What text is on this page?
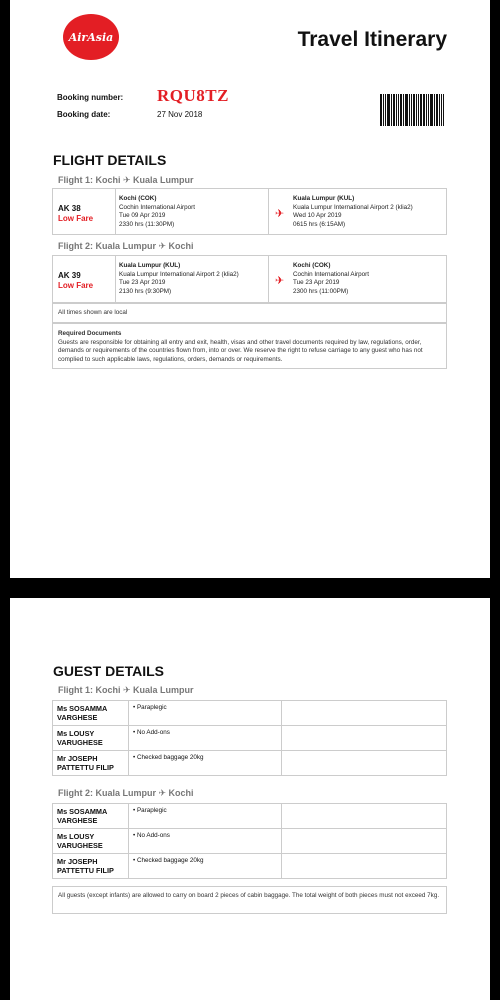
AirAsia	Travel Itinerary
Booking number: RQU8TZ
Booking date:	27 Nov 2018
FLIGHT DETAILS
Flight 1: Kochi ✈ Kuala Lumpur
AK 38
Low Fare
Kochi (COK)
Cochin International Airport
Tue 09 Apr 2019
2330 hrs (11:30PM)
✈
Kuala Lumpur (KUL)
Kuala Lumpur International Airport 2 (klia2)
Wed 10 Apr 2019
0615 hrs (6:15AM)
Flight 2: Kuala Lumpur ✈ Kochi
AK 39
Low Fare
Kuala Lumpur (KUL)
Kuala Lumpur International Airport 2 (klia2)
Tue 23 Apr 2019
2130 hrs (9:30PM)
✈
Kochi (COK)
Cochin International Airport
Tue 23 Apr 2019
2300 hrs (11:00PM)
All times shown are local
Required Documents
Guests are responsible for obtaining all entry and exit, health, visas and other travel documents required by law, regulations, order, demands or requirements of the countries flown from, into or over. We reserve the right to refuse carriage to any guest who has not complied to such applicable laws, regulations, orders, demands or requirements.
GUEST DETAILS
Flight 1: Kochi ✈ Kuala Lumpur
Ms SOSAMMA VARGHESE	• Paraplegic	
Ms LOUSY VARUGHESE	• No Add-ons	
Mr JOSEPH PATTETTU FILIP	• Checked baggage 20kg	
Flight 2: Kuala Lumpur ✈ Kochi
Ms SOSAMMA VARGHESE	• Paraplegic	
Ms LOUSY VARUGHESE	• No Add-ons	
Mr JOSEPH PATTETTU FILIP	• Checked baggage 20kg	
All guests (except infants) are allowed to carry on board 2 pieces of cabin baggage. The total weight of both pieces must not exceed 7kg.
